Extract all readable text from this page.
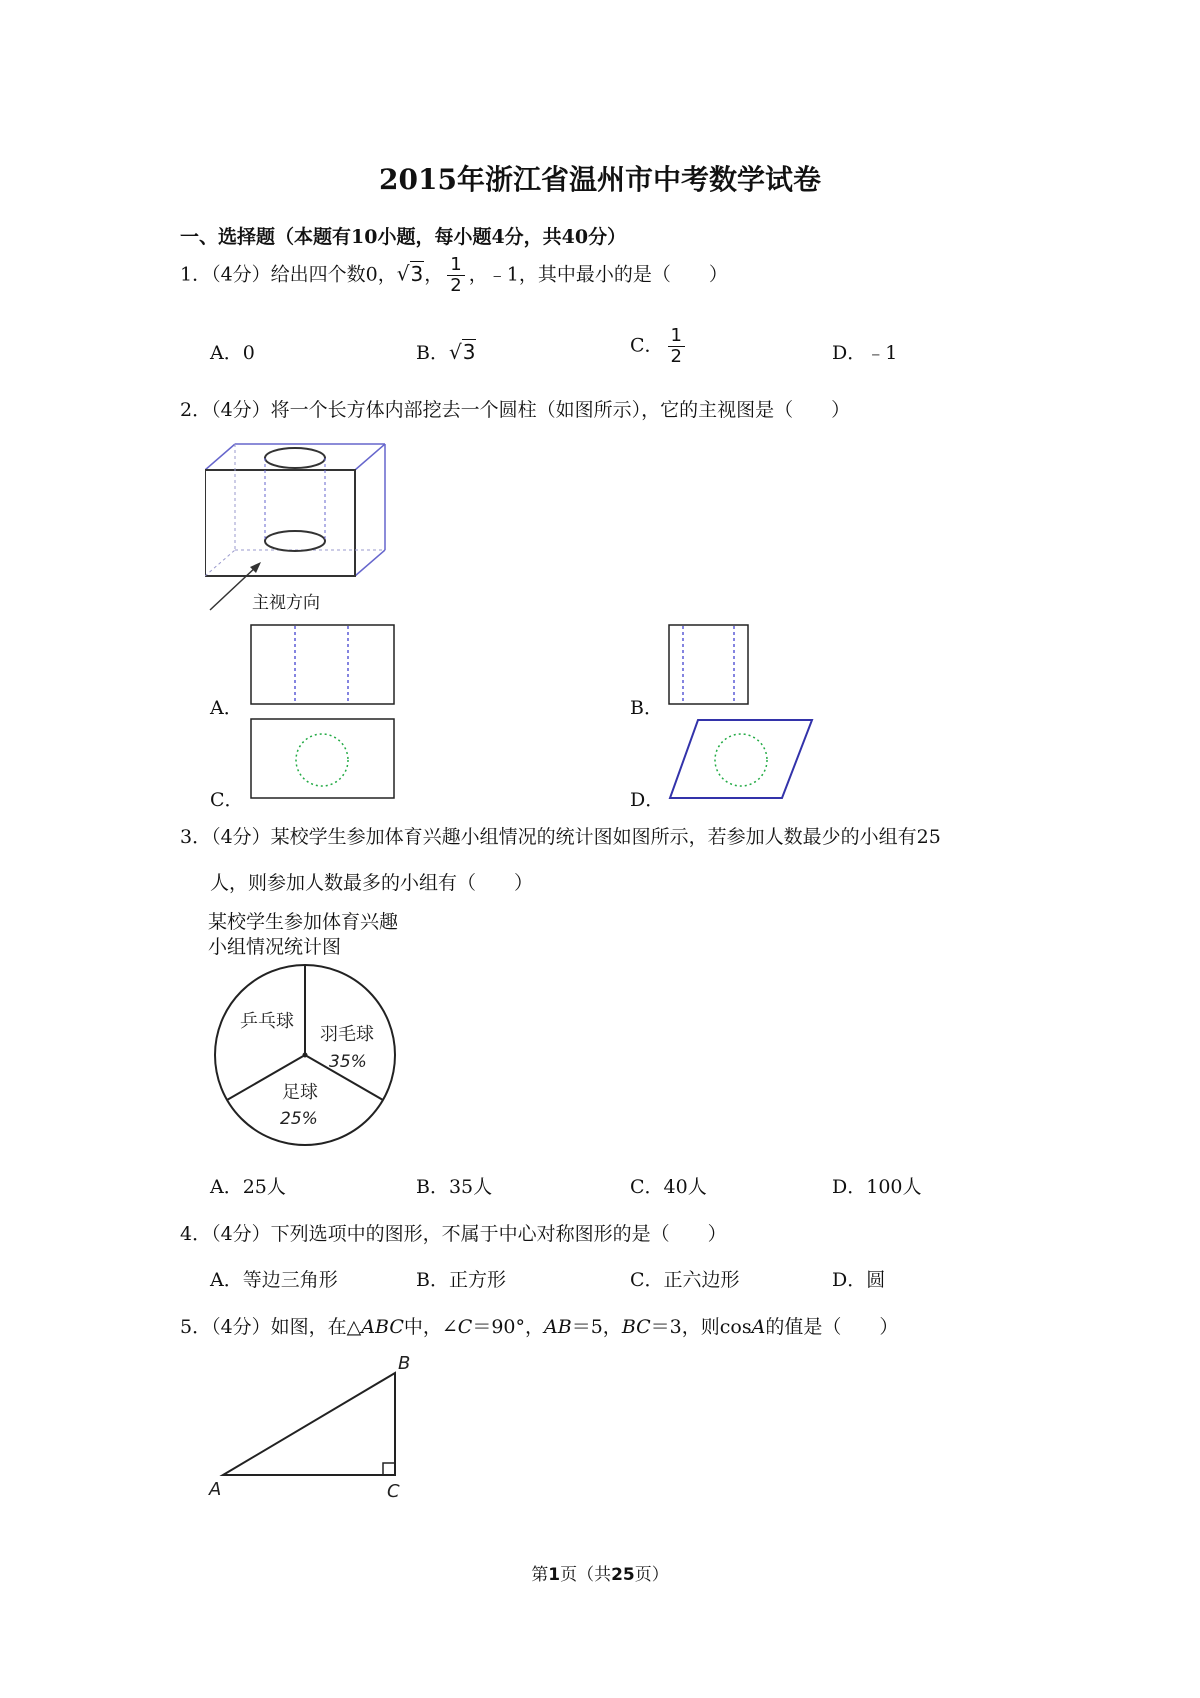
2015年浙江省温州市中考数学试卷
一、选择题（本题有10小题，每小题4分，共40分）
1．（4分）给出四个数0，√3， $\frac{1}{2}$ ，﹣1，其中最小的是（　　）
A．0	B．√3	C． $\frac{1}{2}$	D．﹣1
2．（4分）将一个长方体内部挖去一个圆柱（如图所示），它的主视图是（　　）
主视方向
A．	B．
C．	D．
3．（4分）某校学生参加体育兴趣小组情况的统计图如图所示，若参加人数最少的小组有25
人，则参加人数最多的小组有（　　）
某校学生参加体育兴趣
小组情况统计图
乒乓球
羽毛球
35%
足球
25%
A．25人	B．35人	C．40人	D．100人
4．（4分）下列选项中的图形，不属于中心对称图形的是（　　）
A．等边三角形	B．正方形	C．正六边形	D．圆
5．（4分）如图，在△ABC中，∠C＝90°，AB＝5，BC＝3，则cosA的值是（　　）
A
B
C
第1页（共25页）
